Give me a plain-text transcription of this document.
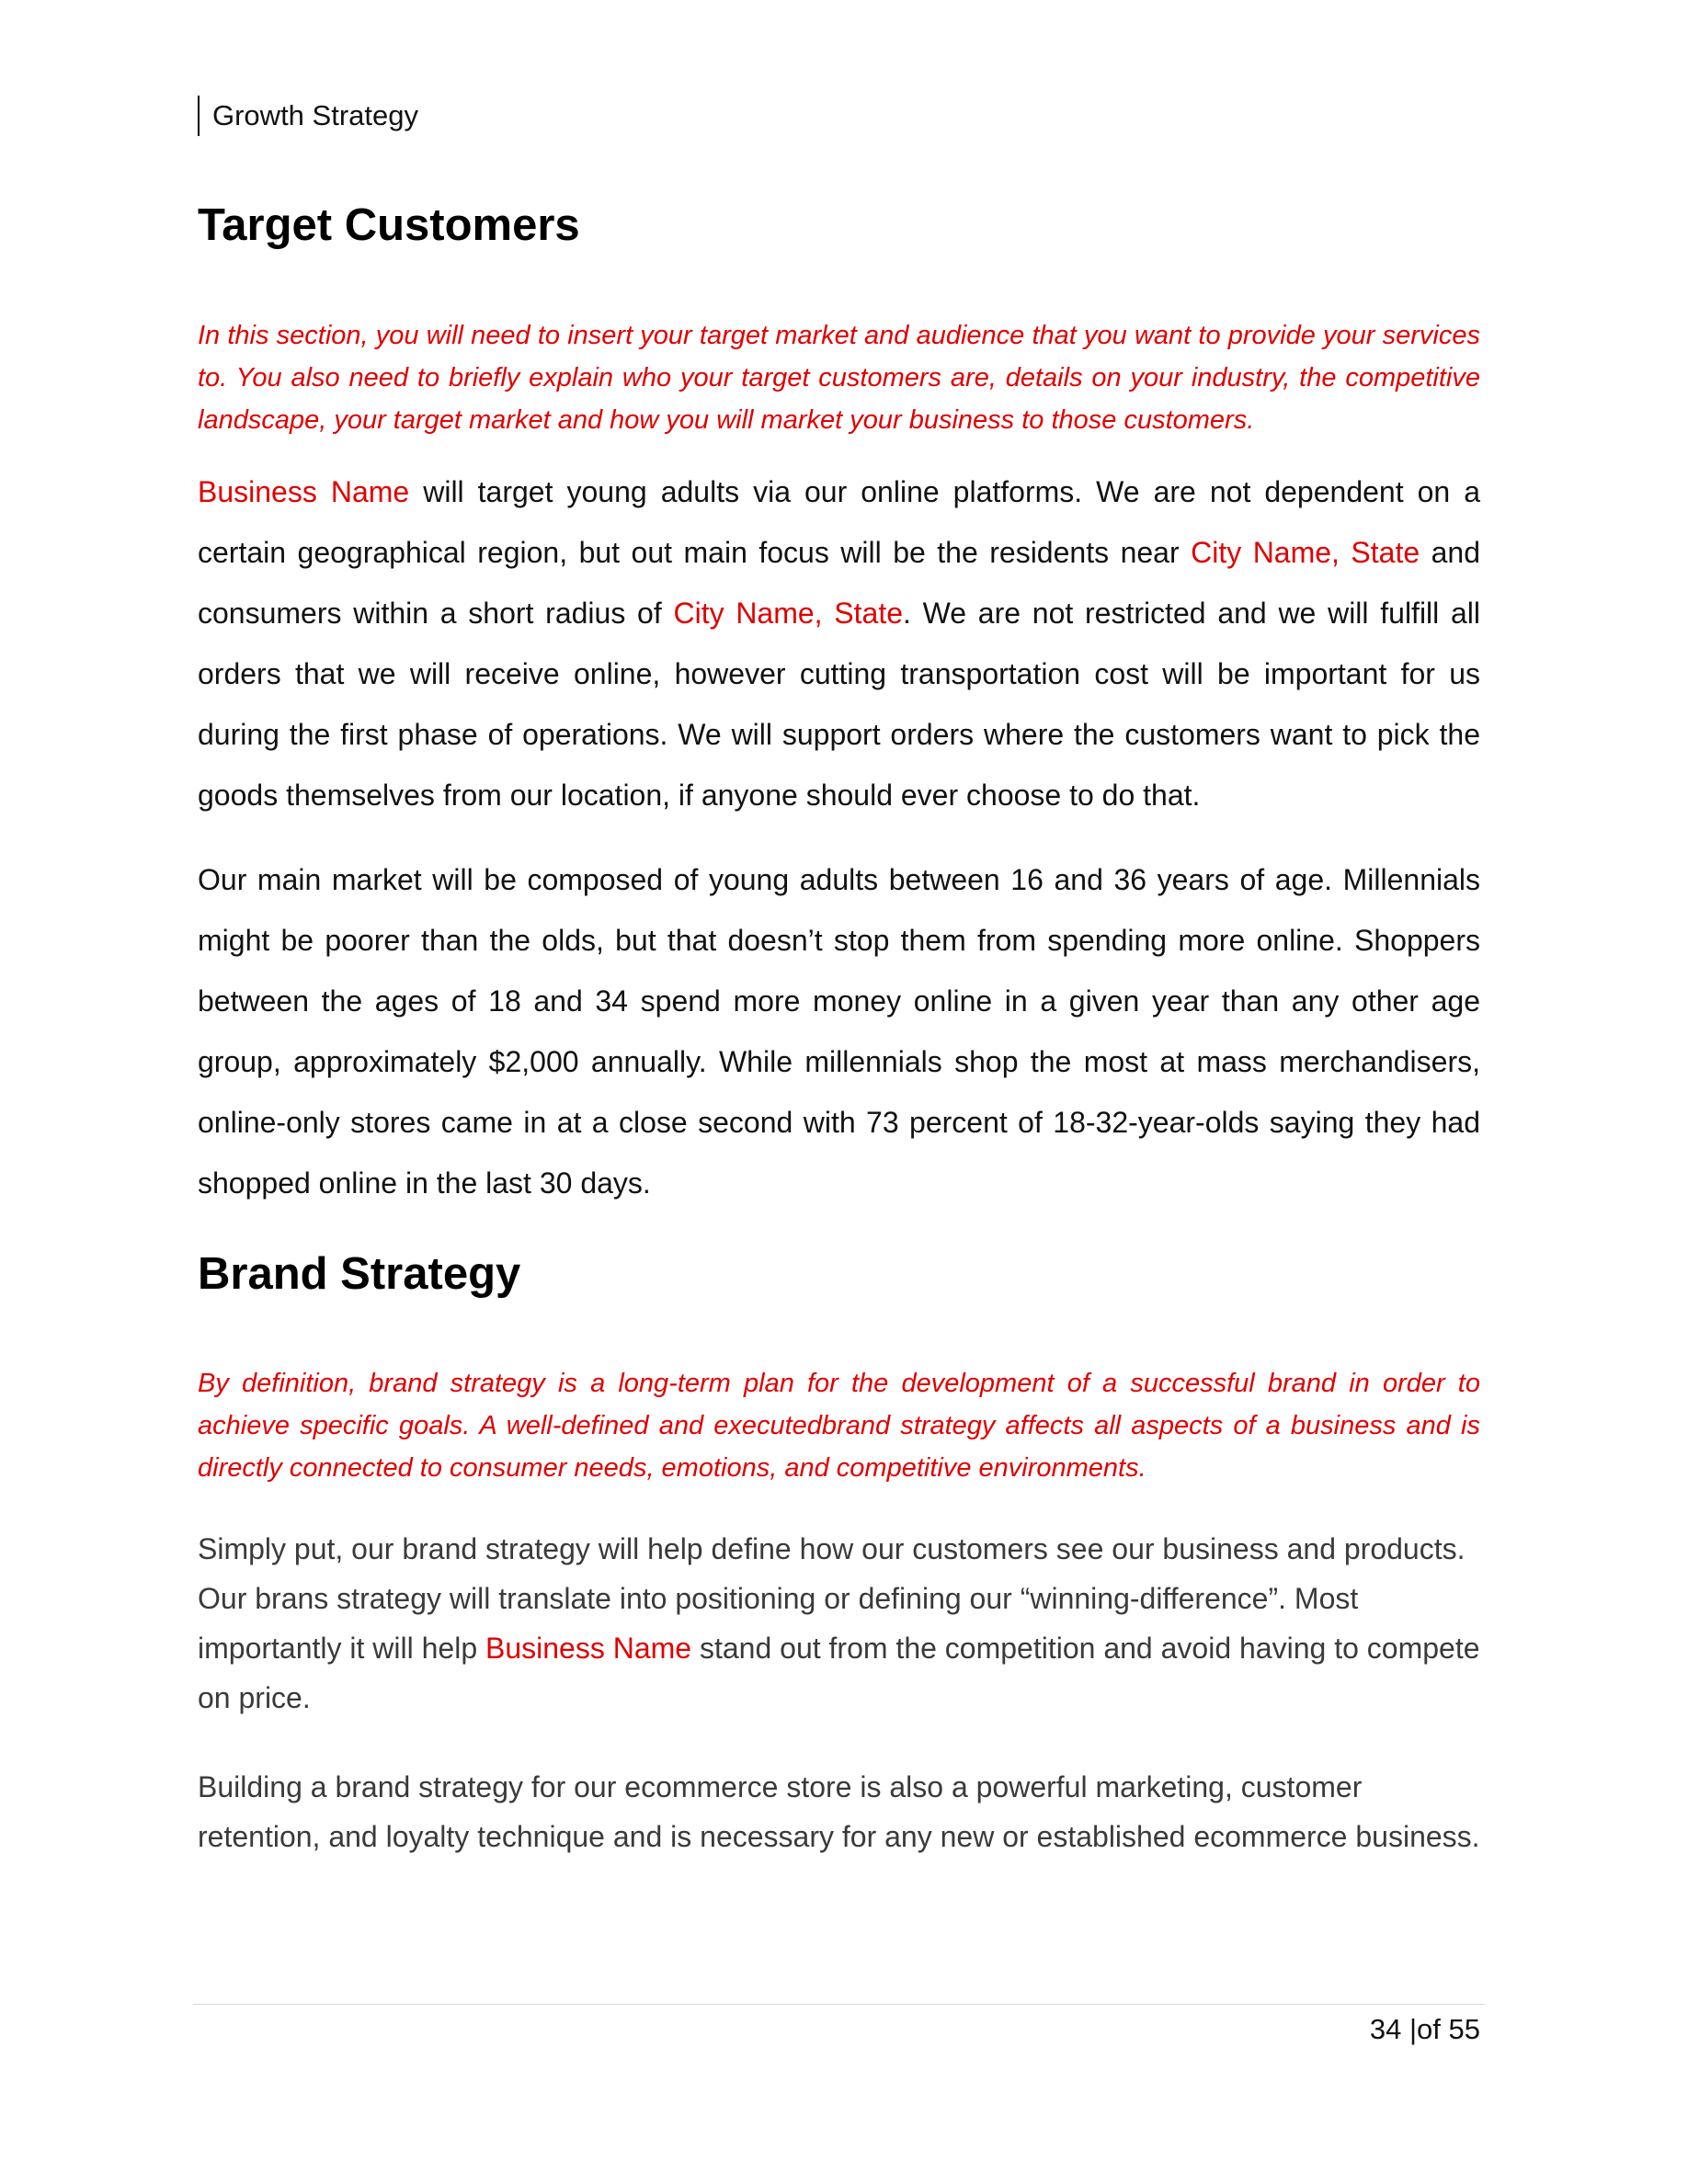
Growth Strategy
Target Customers

In this section, you will need to insert your target market and audience that you want to provide your services to. You also need to briefly explain who your target customers are, details on your industry, the competitive landscape, your target market and how you will market your business to those customers.

Business Name will target young adults via our online platforms. We are not dependent on a certain geographical region, but out main focus will be the residents near City Name, State and consumers within a short radius of City Name, State. We are not restricted and we will fulfill all orders that we will receive online, however cutting transportation cost will be important for us during the first phase of operations. We will support orders where the customers want to pick the goods themselves from our location, if anyone should ever choose to do that.

Our main market will be composed of young adults between 16 and 36 years of age. Millennials might be poorer than the olds, but that doesn’t stop them from spending more online. Shoppers between the ages of 18 and 34 spend more money online in a given year than any other age group, approximately $2,000 annually. While millennials shop the most at mass merchandisers, online-only stores came in at a close second with 73 percent of 18-32-year-olds saying they had shopped online in the last 30 days.

Brand Strategy

By definition, brand strategy is a long-term plan for the development of a successful brand in order to achieve specific goals. A well-defined and executedbrand strategy affects all aspects of a business and is directly connected to consumer needs, emotions, and competitive environments.

Simply put, our brand strategy will help define how our customers see our business and products. Our brans strategy will translate into positioning or defining our “winning-difference”. Most importantly it will help Business Name stand out from the competition and avoid having to compete on price.

Building a brand strategy for our ecommerce store is also a powerful marketing, customer retention, and loyalty technique and is necessary for any new or established ecommerce business.

34 |of 55
